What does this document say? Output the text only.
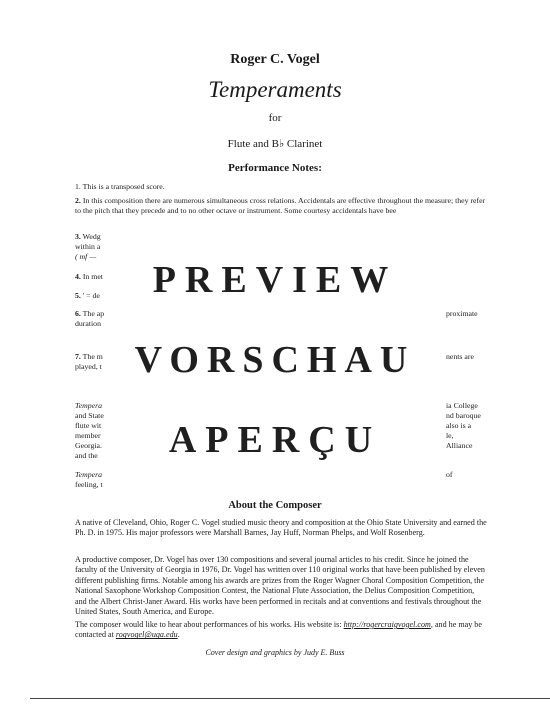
Roger C. Vogel
Temperaments
for
Flute and B♭ Clarinet
Performance Notes:

1. This is a transposed score.

2. In this composition there are numerous simultaneous cross relations. Accidentals are effective throughout the measure; they refer to the pitch that they precede and to no other octave or instrument. Some courtesy accidentals have bee

3. Wedg
within a
( mf —
4. In met
5. ' = de
6. The ap
duration
proximate
7. The m
played, t
nents are
Tempera
and State
flute wit
member
Georgia.
and the
ia College
nd baroque
also is a
le,
Alliance
Tempera
feeling, t
of
PREVIEW
VORSCHAU
APERÇU
About the Composer

A native of Cleveland, Ohio, Roger C. Vogel studied music theory and composition at the Ohio State University and earned the Ph. D. in 1975. His major professors were Marshall Barnes, Jay Huff, Norman Phelps, and Wolf Rosenberg.

A productive composer, Dr. Vogel has over 130 compositions and several journal articles to his credit. Since he joined the faculty of the University of Georgia in 1976, Dr. Vogel has written over 110 original works that have been published by eleven different publishing firms. Notable among his awards are prizes from the Roger Wagner Choral Composition Competition, the National Saxophone Workshop Composition Contest, the National Flute Association, the Delius Composition Competition, and the Albert Christ-Janer Award. His works have been performed in recitals and at conventions and festivals throughout the United States, South America, and Europe.

The composer would like to hear about performances of his works. His website is: http://rogercraigvogel.com, and he may be contacted at rogvogel@uga.edu.

Cover design and graphics by Judy E. Buss
